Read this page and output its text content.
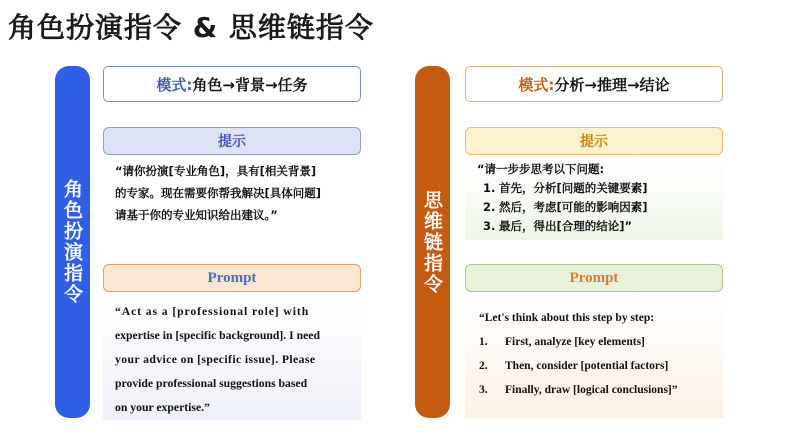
角色扮演指令 & 思维链指令
角色扮演指令
模式: 角色→背景→任务
提示
“请你扮演[专业角色]，具有[相关背景]
的专家。现在需要你帮我解决[具体问题]
请基于你的专业知识给出建议。”
Prompt
“Act as a [professional role] with
expertise in [specific background]. I need
your advice on [specific issue]. Please
provide professional suggestions based
on your expertise.”
思维链指令
模式: 分析→推理→结论
提示
“请一步步思考以下问题:
1. 首先，分析[问题的关键要素]
2. 然后，考虑[可能的影响因素]
3. 最后，得出[合理的结论]”
Prompt
“Let's think about this step by step:
1.	First, analyze [key elements]
2.	Then, consider [potential factors]
3.	Finally, draw [logical conclusions]”
